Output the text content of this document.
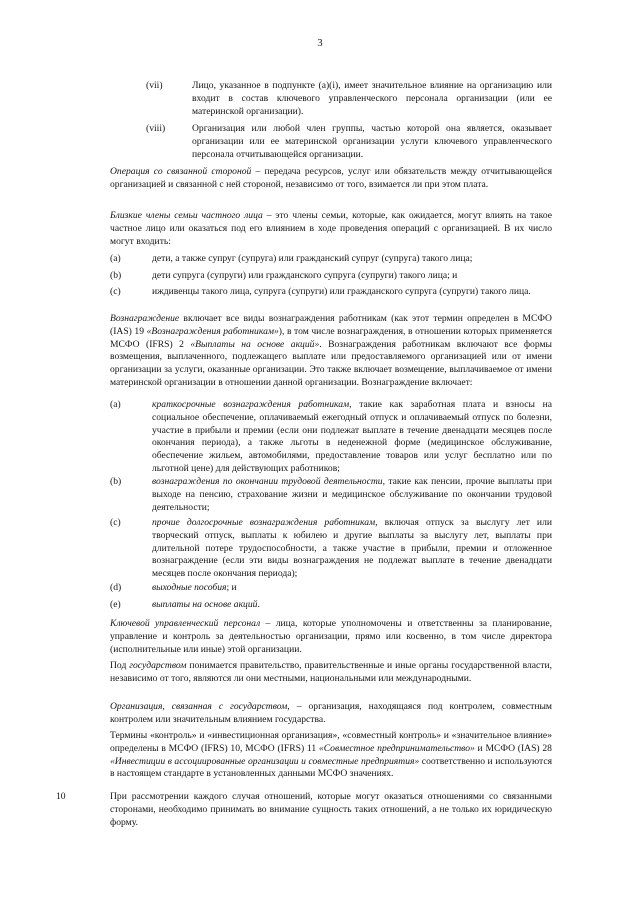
3
(vii)	Лицо, указанное в подпункте (a)(i), имеет значительное влияние на организацию или входит в состав ключевого управленческого персонала организации (или ее материнской организации).
(viii)	Организация или любой член группы, частью которой она является, оказывает организации или ее материнской организации услуги ключевого управленческого персонала отчитывающейся организации.
Операция со связанной стороной – передача ресурсов, услуг или обязательств между отчитывающейся организацией и связанной с ней стороной, независимо от того, взимается ли при этом плата.
Близкие члены семьи частного лица – это члены семьи, которые, как ожидается, могут влиять на такое частное лицо или оказаться под его влиянием в ходе проведения операций с организацией. В их число могут входить:
(a)	дети, а также супруг (супруга) или гражданский супруг (супруга) такого лица;
(b)	дети супруга (супруги) или гражданского супруга (супруги) такого лица; и
(c)	иждивенцы такого лица, супруга (супруги) или гражданского супруга (супруги) такого лица.
Вознаграждение включает все виды вознаграждения работникам (как этот термин определен в МСФО (IAS) 19 «Вознаграждения работникам»), в том числе вознаграждения, в отношении которых применяется МСФО (IFRS) 2 «Выплаты на основе акций». Вознаграждения работникам включают все формы возмещения, выплаченного, подлежащего выплате или предоставляемого организацией или от имени организации за услуги, оказанные организации. Это также включает возмещение, выплачиваемое от имени материнской организации в отношении данной организации. Вознаграждение включает:
(a)	краткосрочные вознаграждения работникам, такие как заработная плата и взносы на социальное обеспечение, оплачиваемый ежегодный отпуск и оплачиваемый отпуск по болезни, участие в прибыли и премии (если они подлежат выплате в течение двенадцати месяцев после окончания периода), а также льготы в неденежной форме (медицинское обслуживание, обеспечение жильем, автомобилями, предоставление товаров или услуг бесплатно или по льготной цене) для действующих работников;
(b)	вознаграждения по окончании трудовой деятельности, такие как пенсии, прочие выплаты при выходе на пенсию, страхование жизни и медицинское обслуживание по окончании трудовой деятельности;
(c)	прочие долгосрочные вознаграждения работникам, включая отпуск за выслугу лет или творческий отпуск, выплаты к юбилею и другие выплаты за выслугу лет, выплаты при длительной потере трудоспособности, а также участие в прибыли, премии и отложенное вознаграждение (если эти виды вознаграждения не подлежат выплате в течение двенадцати месяцев после окончания периода);
(d)	выходные пособия; и
(e)	выплаты на основе акций.
Ключевой управленческий персонал – лица, которые уполномочены и ответственны за планирование, управление и контроль за деятельностью организации, прямо или косвенно, в том числе директора (исполнительные или иные) этой организации.
Под государством понимается правительство, правительственные и иные органы государственной власти, независимо от того, являются ли они местными, национальными или международными.
Организация, связанная с государством, – организация, находящаяся под контролем, совместным контролем или значительным влиянием государства.
Термины «контроль» и «инвестиционная организация», «совместный контроль» и «значительное влияние» определены в МСФО (IFRS) 10, МСФО (IFRS) 11 «Совместное предпринимательство» и МСФО (IAS) 28 «Инвестиции в ассоциированные организации и совместные предприятия» соответственно и используются в настоящем стандарте в установленных данными МСФО значениях.
10	При рассмотрении каждого случая отношений, которые могут оказаться отношениями со связанными сторонами, необходимо принимать во внимание сущность таких отношений, а не только их юридическую форму.
